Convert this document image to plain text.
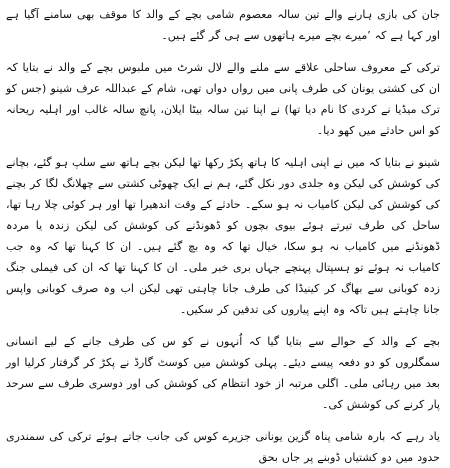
جان کی بازی ہارنے والے تین سالہ معصوم شامی بچے کے والد کا موقف بھی سامنے آگیا ہے اور کہا ہے کہ ’میرے بچے میرے ہاتھوں سے ہی گر گئے ہیں۔

ترکی کے معروف ساحلی علاقے سے ملنے والے لال شرٹ میں ملبوس بچے کے والد نے بتایا کہ ان کی کشتی یونان کی طرف پانی میں رواں دواں تھی، شام کے عبداللہ عرف شینو (جس کو ترک میڈیا نے کردی کا نام دیا تھا) نے اپنا تین سالہ بیٹا ایلان، پانچ سالہ غالب اور اہلیہ ریحانہ کو اس حادثے میں کھو دیا۔

شینو نے بتایا کہ میں نے اپنی اہلیہ کا ہاتھ پکڑ رکھا تھا لیکن بچے ہاتھ سے سلپ ہو گئے، بچانے کی کوشش کی لیکن وہ جلدی دور نکل گئے، ہم نے ایک چھوٹی کشتی سے چھلانگ لگا کر بچنے کی کوشش کی لیکن کامیاب نہ ہو سکے۔ حادثے کے وقت اندھیرا تھا اور ہر کوئی چلا رہا تھا، ساحل کی طرف تیرتے ہوئے بیوی بچوں کو ڈھونڈنے کی کوشش کی لیکن زندہ یا مردہ ڈھونڈنے میں کامیاب نہ ہو سکا، خیال تھا کہ وہ بچ گئے ہیں۔ ان کا کہنا تھا کہ وہ جب کامیاب نہ ہوئے تو ہسپتال پہنچے جہاں بری خبر ملی۔ ان کا کہنا تھا کہ ان کی فیملی جنگ زدہ کوبانی سے بھاگ کر کینیڈا کی طرف جانا چاہتی تھی لیکن اب وہ صرف کوبانی واپس جانا چاہتے ہیں تاکہ وہ اپنے پیاروں کی تدفین کر سکیں۔

بچے کے والد کے حوالے سے بتایا گیا کہ اُنہوں نے کو س کی طرف جانے کے لیے انسانی سمگلروں کو دو دفعہ پیسے دیئے۔ پہلی کوشش میں کوسٹ گارڈ نے پکڑ کر گرفتار کرلیا اور بعد میں رہائی ملی۔ اگلی مرتبہ از خود انتظام کی کوشش کی اور دوسری طرف سے سرحد پار کرنے کی کوشش کی۔

یاد رہے کہ بارہ شامی پناہ گزین یونانی جزیرے کوس کی جانب جاتے ہوئے ترکی کی سمندری حدود میں دو کشتیاں ڈوبنے پر جاں بحق
